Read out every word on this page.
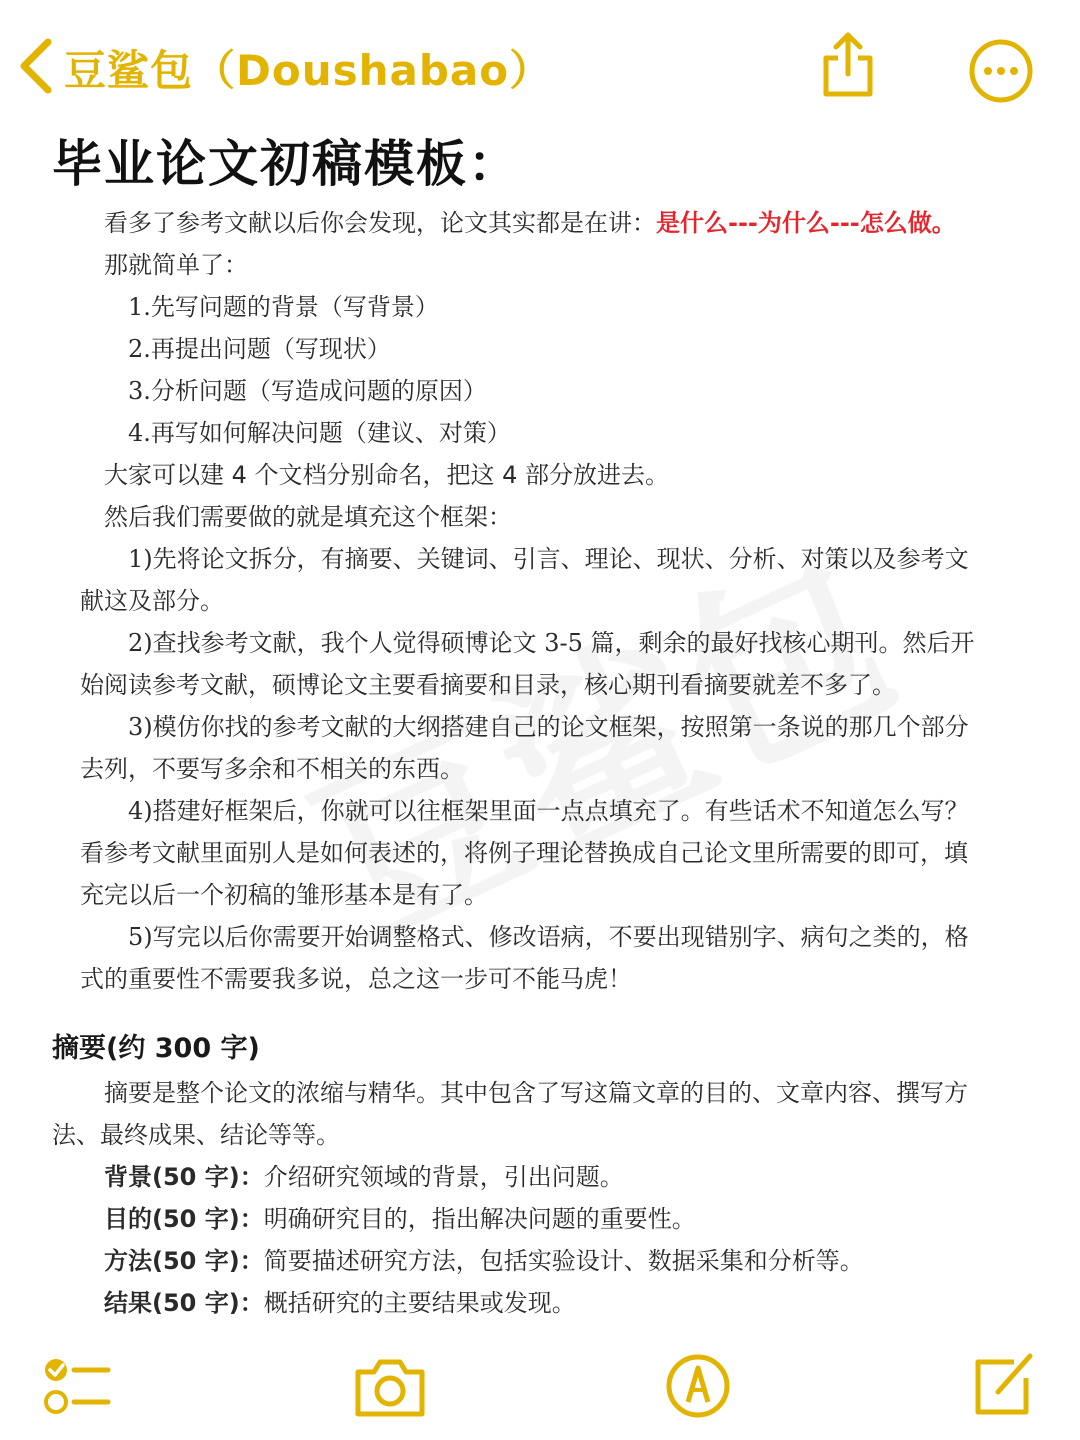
豆鲨包（Doushabao）
毕业论文初稿模板：
看多了参考文献以后你会发现，论文其实都是在讲：是什么---为什么---怎么做。
那就简单了：
1.先写问题的背景（写背景）
2.再提出问题（写现状）
3.分析问题（写造成问题的原因）
4.再写如何解决问题（建议、对策）
大家可以建 4 个文档分别命名，把这 4 部分放进去。
然后我们需要做的就是填充这个框架：
1)先将论文拆分，有摘要、关键词、引言、理论、现状、分析、对策以及参考文
献这及部分。
2)查找参考文献，我个人觉得硕博论文 3-5 篇，剩余的最好找核心期刊。然后开
始阅读参考文献，硕博论文主要看摘要和目录，核心期刊看摘要就差不多了。
3)模仿你找的参考文献的大纲搭建自己的论文框架，按照第一条说的那几个部分
去列，不要写多余和不相关的东西。
4)搭建好框架后，你就可以往框架里面一点点填充了。有些话术不知道怎么写？
看参考文献里面别人是如何表述的，将例子理论替换成自己论文里所需要的即可，填
充完以后一个初稿的雏形基本是有了。
5)写完以后你需要开始调整格式、修改语病，不要出现错别字、病句之类的，格
式的重要性不需要我多说，总之这一步可不能马虎！
摘要(约 300 字)
摘要是整个论文的浓缩与精华。其中包含了写这篇文章的目的、文章内容、撰写方
法、最终成果、结论等等。
背景(50 字)：介绍研究领域的背景，引出问题。
目的(50 字)：明确研究目的，指出解决问题的重要性。
方法(50 字)：简要描述研究方法，包括实验设计、数据采集和分析等。
结果(50 字)：概括研究的主要结果或发现。
